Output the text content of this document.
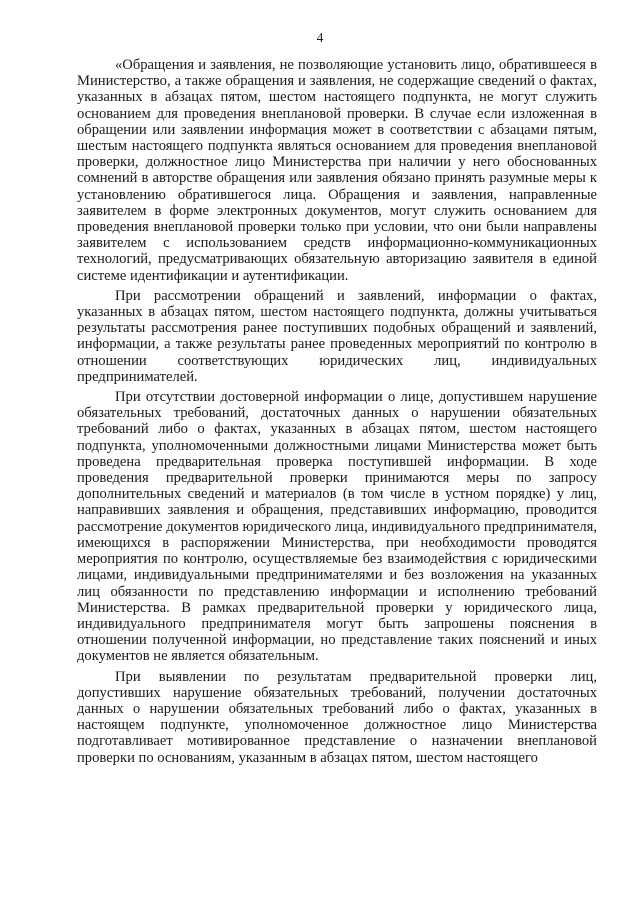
4

«Обращения и заявления, не позволяющие установить лицо, обратившееся в Министерство, а также обращения и заявления, не содержащие сведений о фактах, указанных в абзацах пятом, шестом настоящего подпункта, не могут служить основанием для проведения внеплановой проверки. В случае если изложенная в обращении или заявлении информация может в соответствии с абзацами пятым, шестым настоящего подпункта являться основанием для проведения внеплановой проверки, должностное лицо Министерства при наличии у него обоснованных сомнений в авторстве обращения или заявления обязано принять разумные меры к установлению обратившегося лица. Обращения и заявления, направленные заявителем в форме электронных документов, могут служить основанием для проведения внеплановой проверки только при условии, что они были направлены заявителем с использованием средств информационно-коммуникационных технологий, предусматривающих обязательную авторизацию заявителя в единой системе идентификации и аутентификации.

При рассмотрении обращений и заявлений, информации о фактах, указанных в абзацах пятом, шестом настоящего подпункта, должны учитываться результаты рассмотрения ранее поступивших подобных обращений и заявлений, информации, а также результаты ранее проведенных мероприятий по контролю в отношении соответствующих юридических лиц, индивидуальных предпринимателей.

При отсутствии достоверной информации о лице, допустившем нарушение обязательных требований, достаточных данных о нарушении обязательных требований либо о фактах, указанных в абзацах пятом, шестом настоящего подпункта, уполномоченными должностными лицами Министерства может быть проведена предварительная проверка поступившей информации. В ходе проведения предварительной проверки принимаются меры по запросу дополнительных сведений и материалов (в том числе в устном порядке) у лиц, направивших заявления и обращения, представивших информацию, проводится рассмотрение документов юридического лица, индивидуального предпринимателя, имеющихся в распоряжении Министерства, при необходимости проводятся мероприятия по контролю, осуществляемые без взаимодействия с юридическими лицами, индивидуальными предпринимателями и без возложения на указанных лиц обязанности по представлению информации и исполнению требований Министерства. В рамках предварительной проверки у юридического лица, индивидуального предпринимателя могут быть запрошены пояснения в отношении полученной информации, но представление таких пояснений и иных документов не является обязательным.

При выявлении по результатам предварительной проверки лиц, допустивших нарушение обязательных требований, получении достаточных данных о нарушении обязательных требований либо о фактах, указанных в настоящем подпункте, уполномоченное должностное лицо Министерства подготавливает мотивированное представление о назначении внеплановой проверки по основаниям, указанным в абзацах пятом, шестом настоящего
